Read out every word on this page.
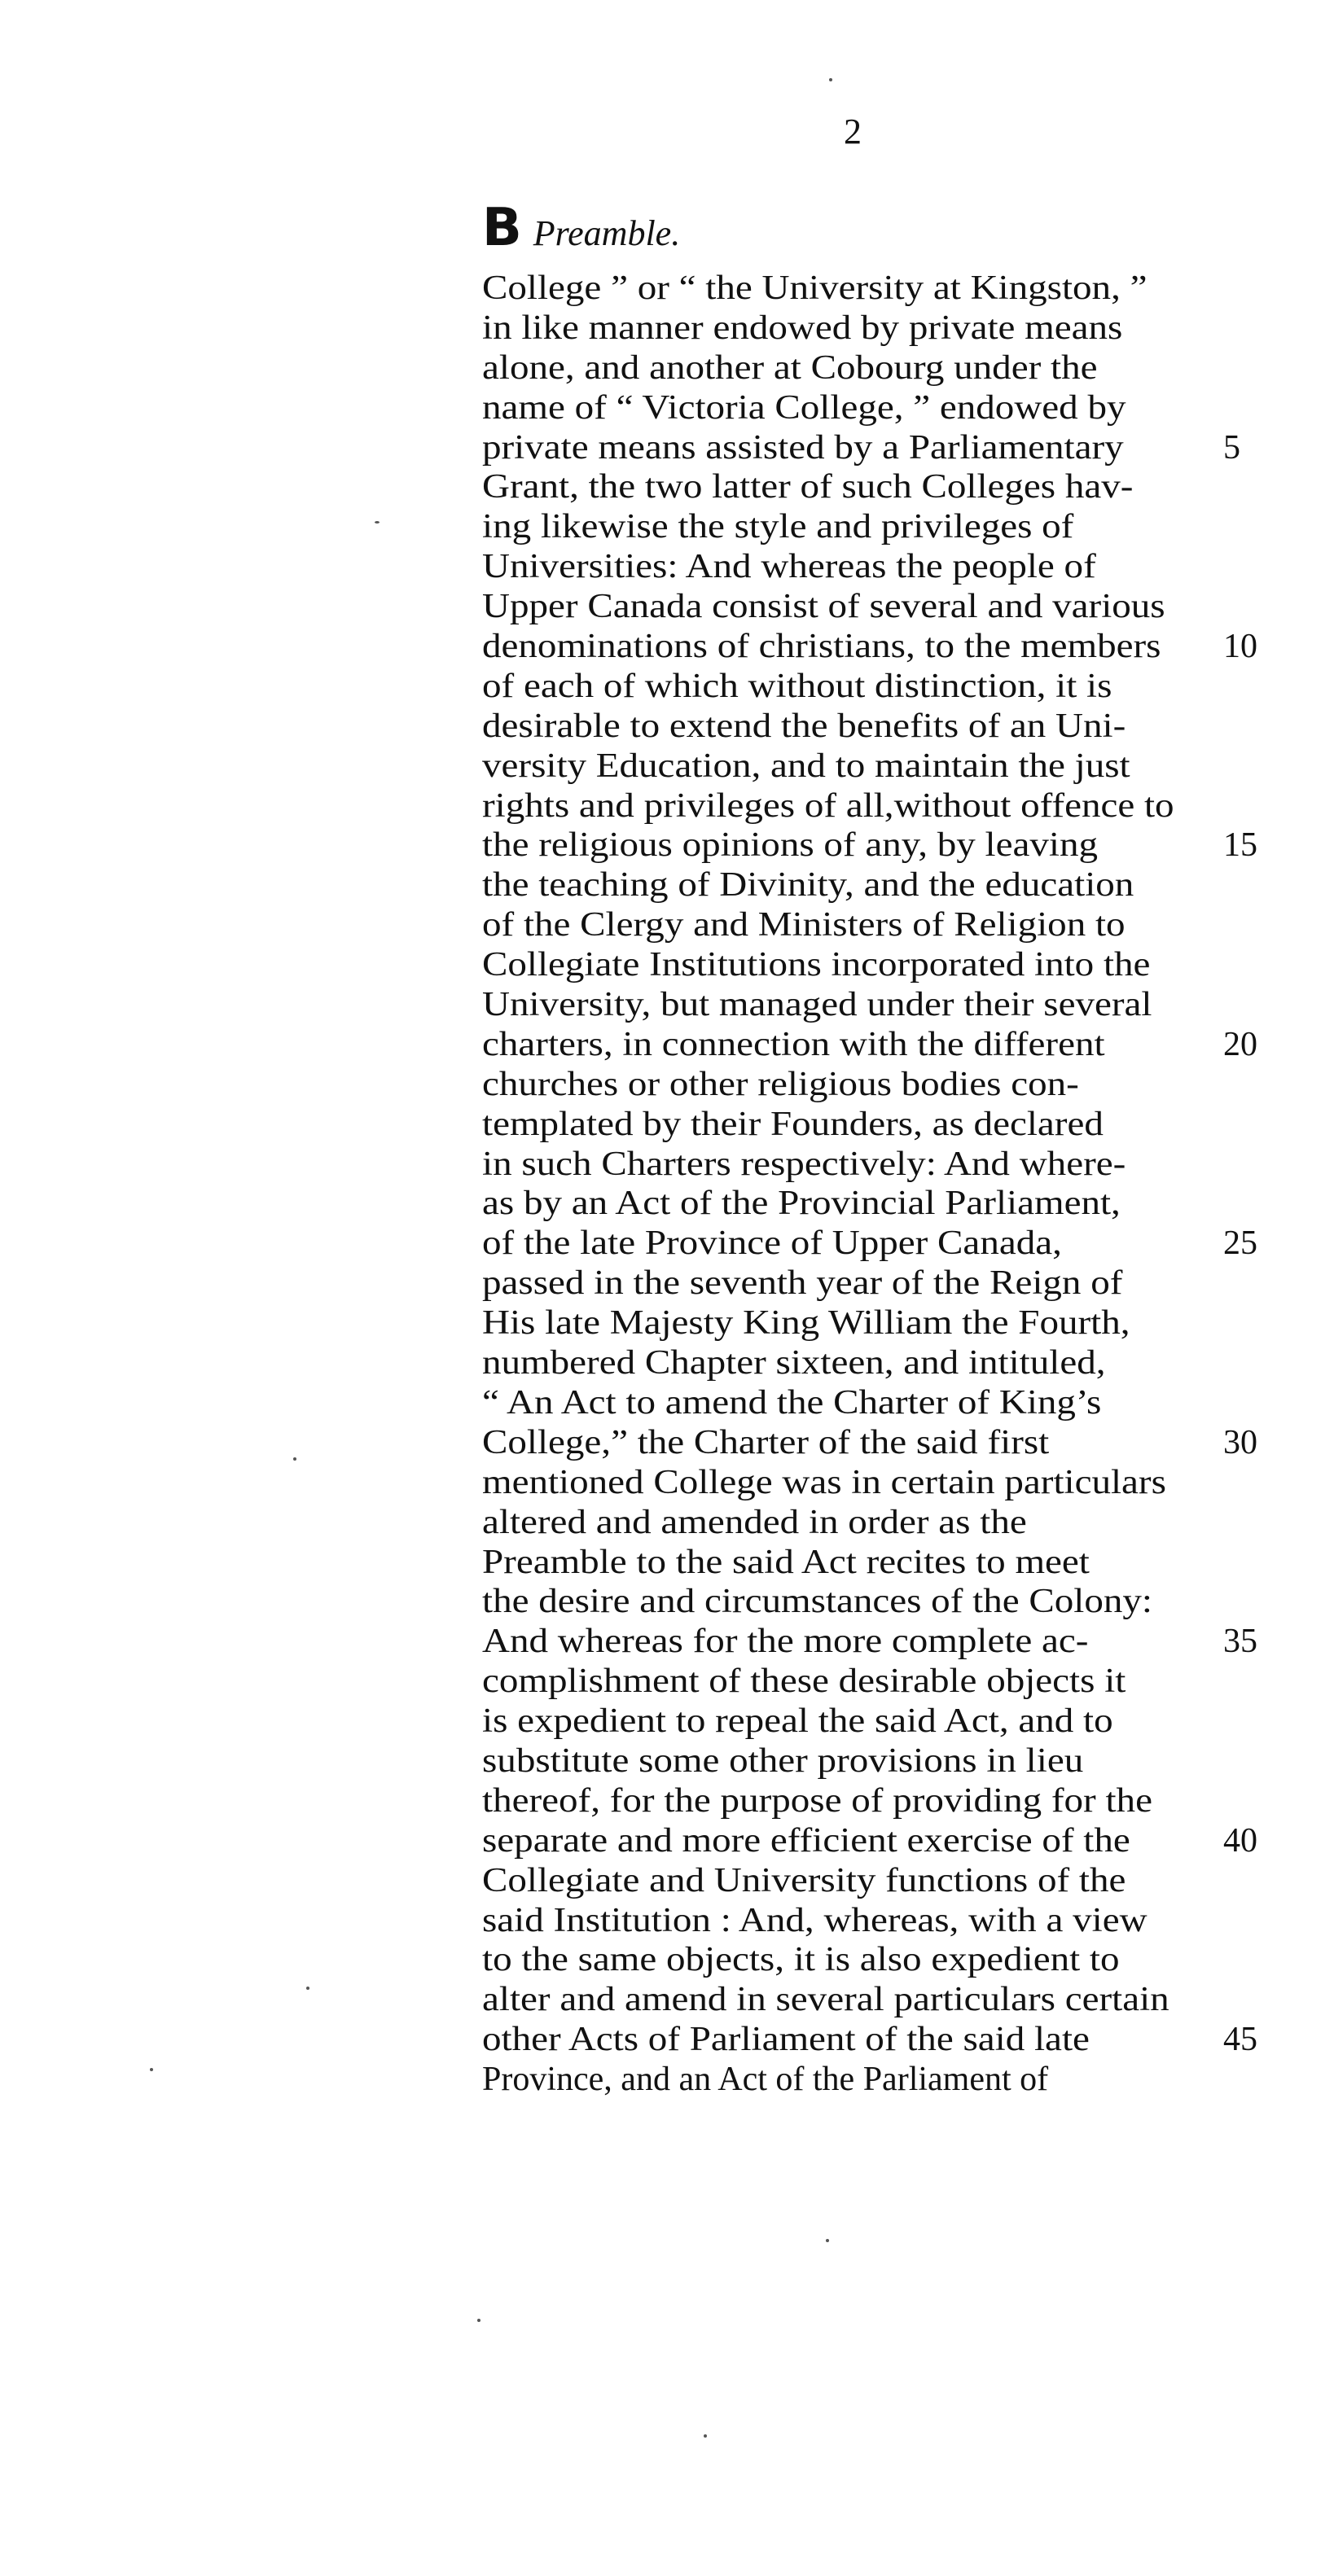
2
B Preamble.
College ” or “ the University at Kingston, ”
in like manner endowed by private means
alone, and another at Cobourg under the
name of “ Victoria College, ” endowed by
private means assisted by a Parliamentary	5
Grant, the two latter of such Colleges hav-
ing likewise the style and privileges of
Universities: And whereas the people of
Upper Canada consist of several and various
denominations of christians, to the members 10
of each of which without distinction, it is
desirable to extend the benefits of an Uni-
versity Education, and to maintain the just
rights and privileges of all,without offence to
the religious opinions of any, by leaving	15
the teaching of Divinity, and the education
of the Clergy and Ministers of Religion to
Collegiate Institutions incorporated into the
University, but managed under their several
charters, in connection with the different	20
churches or other religious bodies con-
templated by their Founders, as declared
in such Charters respectively: And where-
as by an Act of the Provincial Parliament,
of the late Province of Upper Canada,	25
passed in the seventh year of the Reign of
His late Majesty King William the Fourth,
numbered Chapter sixteen, and intituled,
“ An Act to amend the Charter of King’s
College,” the Charter of the said first	30
mentioned College was in certain particulars
altered and amended in order as the
Preamble to the said Act recites to meet
the desire and circumstances of the Colony:
And whereas for the more complete ac-	35
complishment of these desirable objects it
is expedient to repeal the said Act, and to
substitute some other provisions in lieu
thereof, for the purpose of providing for the
separate and more efficient exercise of the	40
Collegiate and University functions of the
said Institution : And, whereas, with a view
to the same objects, it is also expedient to
alter and amend in several particulars certain
other Acts of Parliament of the said late	45
Province, and an Act of the Parliament of
